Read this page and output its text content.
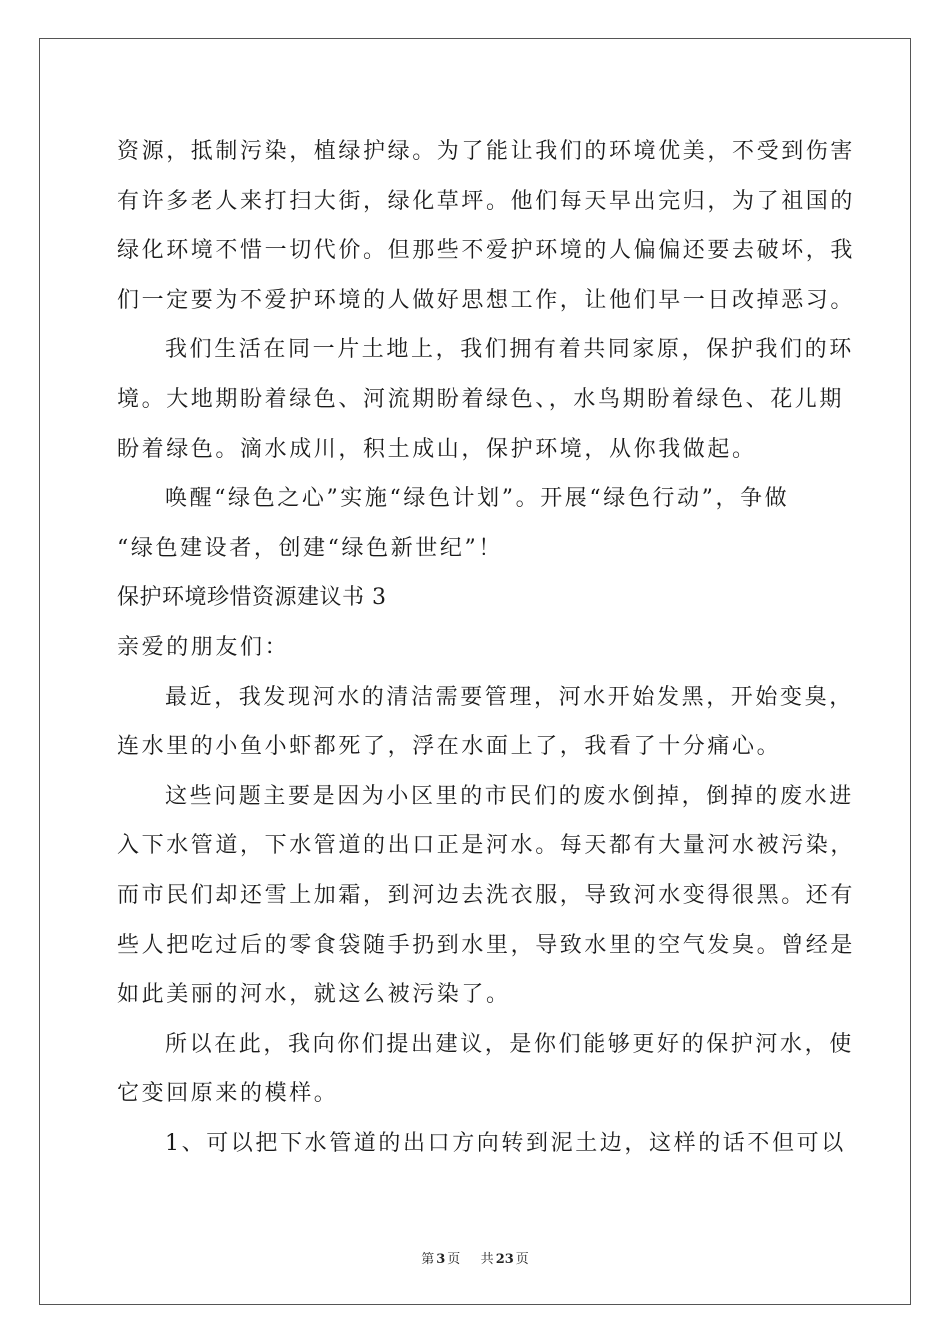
资源，抵制污染，植绿护绿。为了能让我们的环境优美，不受到伤害
有许多老人来打扫大街，绿化草坪。他们每天早出完归，为了祖国的
绿化环境不惜一切代价。但那些不爱护环境的人偏偏还要去破坏，我
们一定要为不爱护环境的人做好思想工作，让他们早一日改掉恶习。
我们生活在同一片土地上，我们拥有着共同家原，保护我们的环
境。大地期盼着绿色、河流期盼着绿色、，水鸟期盼着绿色、花儿期
盼着绿色。滴水成川，积土成山，保护环境，从你我做起。
唤醒“绿色之心”实施“绿色计划”。开展“绿色行动”，争做
“绿色建设者，创建“绿色新世纪”！
保护环境珍惜资源建议书 3
亲爱的朋友们：
最近，我发现河水的清洁需要管理，河水开始发黑，开始变臭，
连水里的小鱼小虾都死了，浮在水面上了，我看了十分痛心。
这些问题主要是因为小区里的市民们的废水倒掉，倒掉的废水进
入下水管道，下水管道的出口正是河水。每天都有大量河水被污染，
而市民们却还雪上加霜，到河边去洗衣服，导致河水变得很黑。还有
些人把吃过后的零食袋随手扔到水里，导致水里的空气发臭。曾经是
如此美丽的河水，就这么被污染了。
所以在此，我向你们提出建议，是你们能够更好的保护河水，使
它变回原来的模样。
1、可以把下水管道的出口方向转到泥土边，这样的话不但可以
第 3 页 共 23 页
